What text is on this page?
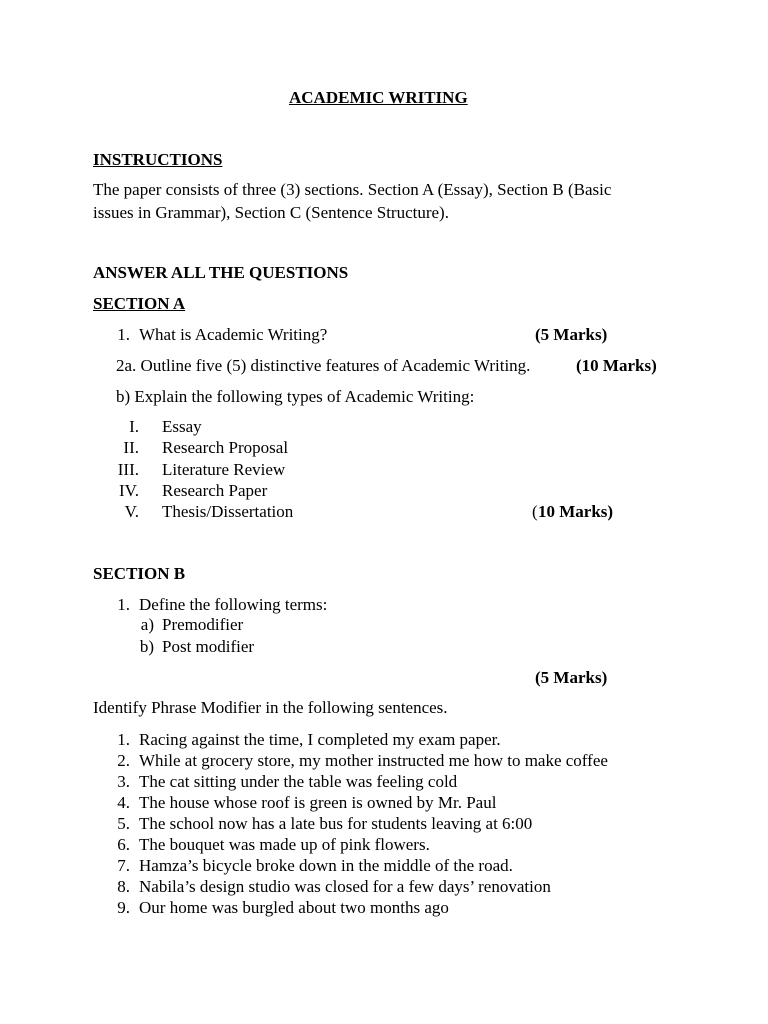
ACADEMIC WRITING
INSTRUCTIONS
The paper consists of three (3) sections. Section A (Essay), Section B (Basic
issues in Grammar), Section C (Sentence Structure).
ANSWER ALL THE QUESTIONS
SECTION A
1. What is Academic Writing?	(5 Marks)
2a. Outline five (5) distinctive features of Academic Writing.	(10 Marks)
b) Explain the following types of Academic Writing:
I. Essay
II. Research Proposal
III. Literature Review
IV. Research Paper
V. Thesis/Dissertation	( 10 Marks)
SECTION B
1. Define the following terms:
a) Premodifier
b) Post modifier
(5 Marks)
Identify Phrase Modifier in the following sentences.
1. Racing against the time, I completed my exam paper.
2. While at grocery store, my mother instructed me how to make coffee
3. The cat sitting under the table was feeling cold
4. The house whose roof is green is owned by Mr. Paul
5. The school now has a late bus for students leaving at 6:00
6. The bouquet was made up of pink flowers.
7. Hamza’s bicycle broke down in the middle of the road.
8. Nabila’s design studio was closed for a few days’ renovation
9. Our home was burgled about two months ago
